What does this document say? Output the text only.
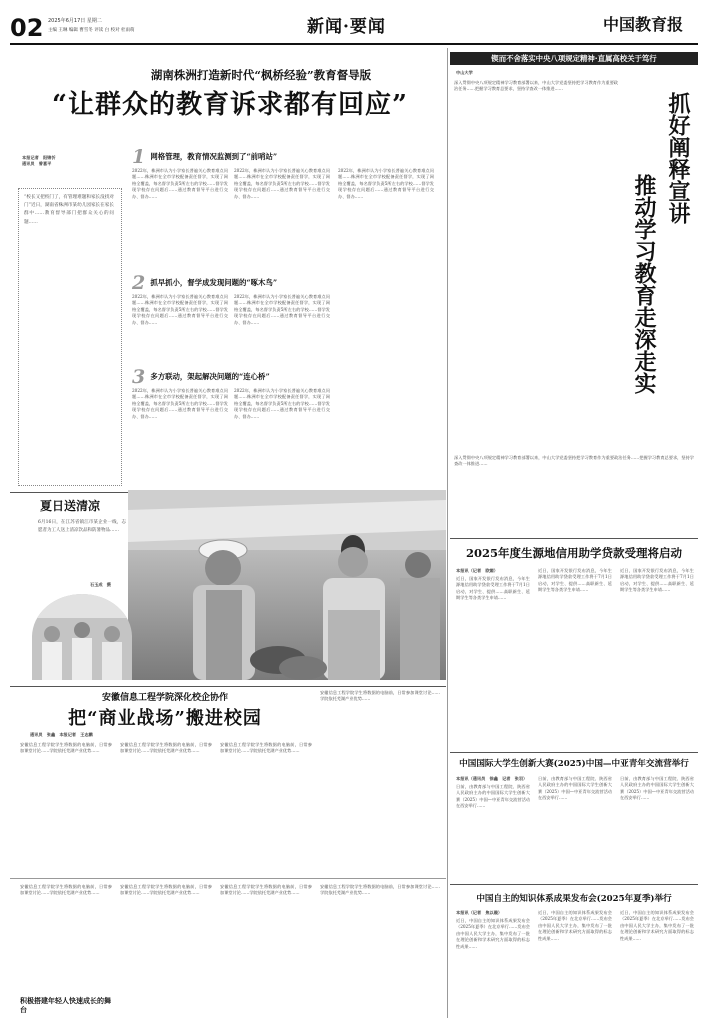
02 2025年6月17日 星期二
主编 王琳 编辑 曹雪冬 评读 白 校对 杜雨萌	新闻·要闻	中国教育报
湖南株洲打造新时代“枫桥经验”教育督导版
“让群众的教育诉求都有回应”
本报记者　阳锦忻
通讯员　曾喜平
“校长又把校门了，有管理难题和家长没找对门”近日，湖南省株洲市某幼儿园家长在家长群中……教育督导部门把群众关心的问题……
1 $^{网格管理,教育情况监测到了“前哨站”}$
2022年，株洲市认为小学家长普遍关心教育难点问题……株洲市在全市学校配备责任督学，实现了网格全覆盖，每名督学负责5所左右的学校……督学发现学校存在问题后……通过教育督导平台进行交办、督办……
2022年，株洲市认为小学家长普遍关心教育难点问题……株洲市在全市学校配备责任督学，实现了网格全覆盖，每名督学负责5所左右的学校……督学发现学校存在问题后……通过教育督导平台进行交办、督办……
2 $^{抓早抓小,督学成发现问题的“啄木鸟”}$
2022年，株洲市认为小学家长普遍关心教育难点问题……株洲市在全市学校配备责任督学，实现了网格全覆盖，每名督学负责5所左右的学校……督学发现学校存在问题后……通过教育督导平台进行交办、督办……
2022年，株洲市认为小学家长普遍关心教育难点问题……株洲市在全市学校配备责任督学，实现了网格全覆盖，每名督学负责5所左右的学校……督学发现学校存在问题后……通过教育督导平台进行交办、督办……
3 $^{多方联动,架起解决问题的“连心桥”}$
2022年，株洲市认为小学家长普遍关心教育难点问题……株洲市在全市学校配备责任督学，实现了网格全覆盖，每名督学负责5所左右的学校……督学发现学校存在问题后……通过教育督导平台进行交办、督办……
2022年，株洲市认为小学家长普遍关心教育难点问题……株洲市在全市学校配备责任督学，实现了网格全覆盖，每名督学负责5所左右的学校……督学发现学校存在问题后……通过教育督导平台进行交办、督办……
2022年，株洲市认为小学家长普遍关心教育难点问题……株洲市在全市学校配备责任督学，实现了网格全覆盖，每名督学负责5所左右的学校……督学发现学校存在问题后……通过教育督导平台进行交办、督办……
夏日送清凉
6月16日，在江苏省镇江市某企业一线，志愿者为工人送上清凉饮品和防暑物品……
石玉成　摄
锲而不舍落实中央八项规定精神·直属高校关于笃行
中山大学
深入贯彻中央八项规定精神学习教育部署以来，中山大学党委坚持把学习教育作为重要政治任务……把握学习教育总要求，坚持学查改一体推进……
深入贯彻中央八项规定精神学习教育部署以来，中山大学党委坚持把学习教育作为重要政治任务……把握学习教育总要求，坚持学查改一体推进……
抓好阐释宣讲
推动学习教育走深走实
2025年度生源地信用助学贷款受理将启动
本报讯（记者　欧媚）
近日，国家开发银行发布消息，今年生源地信用助学贷款受理工作将于7月1日启动，对学生、提供……高职新生、延期学生等各类学生申请……
近日，国家开发银行发布消息，今年生源地信用助学贷款受理工作将于7月1日启动，对学生、提供……高职新生、延期学生等各类学生申请……
近日，国家开发银行发布消息，今年生源地信用助学贷款受理工作将于7月1日启动，对学生、提供……高职新生、延期学生等各类学生申请……
中国国际大学生创新大赛(2025)中国—中亚青年交流营举行
本报讯（通讯员　徐鑫　记者　张羽）
日前，由教育部与中国工程院、陕西省人民政府主办的中国国际大学生创新大赛（2025）中国—中亚青年交流营活动在西安举行……
日前，由教育部与中国工程院、陕西省人民政府主办的中国国际大学生创新大赛（2025）中国—中亚青年交流营活动在西安举行……
日前，由教育部与中国工程院、陕西省人民政府主办的中国国际大学生创新大赛（2025）中国—中亚青年交流营活动在西安举行……
中国自主的知识体系成果发布会(2025年夏季)举行
本报讯（记者　焦以璇）
近日，中国自主的知识体系成果发布会（2025年夏季）在北京举行……发布会由中国人民大学主办，集中发布了一批在理论创新和学术研究方面取得的标志性成果……
近日，中国自主的知识体系成果发布会（2025年夏季）在北京举行……发布会由中国人民大学主办，集中发布了一批在理论创新和学术研究方面取得的标志性成果……
近日，中国自主的知识体系成果发布会（2025年夏季）在北京举行……发布会由中国人民大学主办，集中发布了一批在理论创新和学术研究方面取得的标志性成果……
安徽信息工程学院深化校企协作
把“商业战场”搬进校园
通讯员　张鑫　本报记者　王志鹏
安徽信息工程学院学生将数据的电脑前，日常参加课堂讨论……学院依托芜湖产业优势……
安徽信息工程学院学生将数据的电脑前，日常参加课堂讨论……学院依托芜湖产业优势……
安徽信息工程学院学生将数据的电脑前，日常参加课堂讨论……学院依托芜湖产业优势……
安徽信息工程学院学生将数据的电脑前，日常参加课堂讨论……学院依托芜湖产业优势……
安徽信息工程学院学生将数据的电脑前，日常参加课堂讨论……学院依托芜湖产业优势……
积极搭建年轻人快速成长的舞台
安徽信息工程学院学生将数据的电脑前，日常参加课堂讨论……学院依托芜湖产业优势……
安徽信息工程学院学生将数据的电脑前，日常参加课堂讨论……学院依托芜湖产业优势……
安徽信息工程学院学生将数据的电脑前，日常参加课堂讨论……学院依托芜湖产业优势……
